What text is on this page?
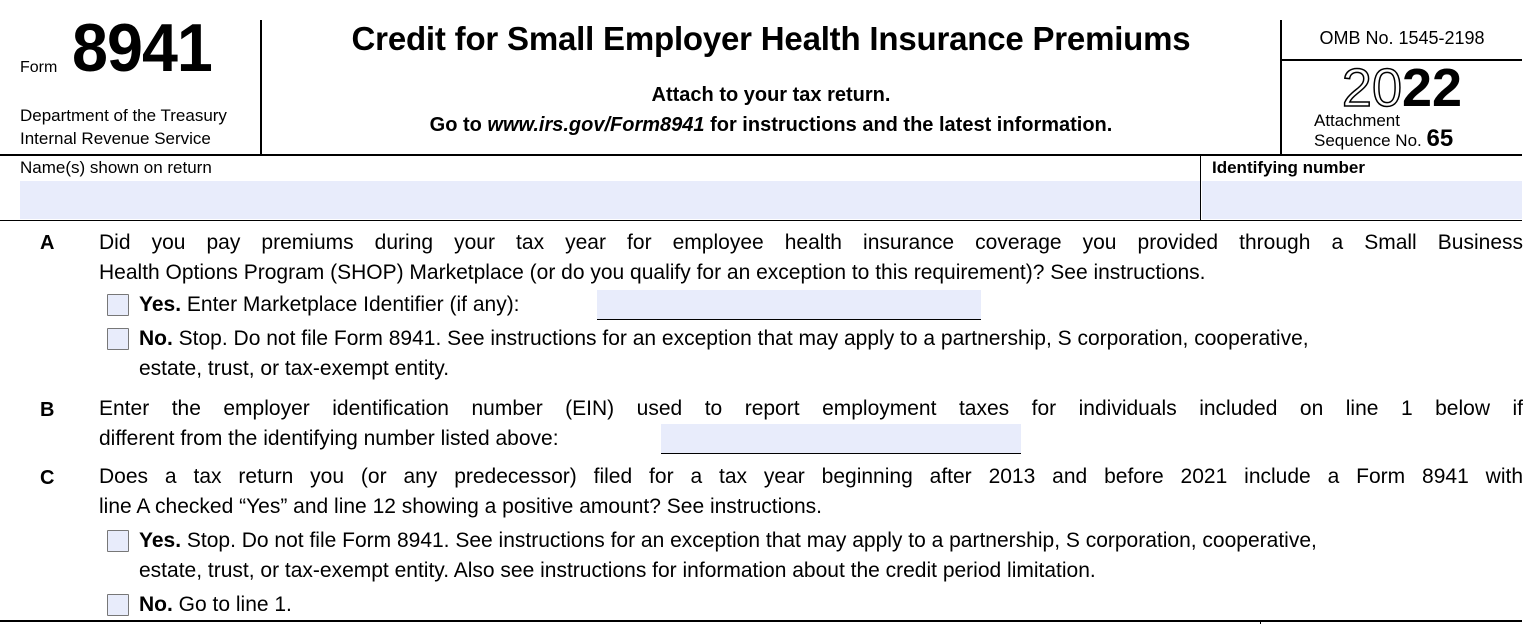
Form 8941
Department of the Treasury
Internal Revenue Service
Credit for Small Employer Health Insurance Premiums
Attach to your tax return.
Go to www.irs.gov/Form8941 for instructions and the latest information.
OMB No. 1545-2198
2022
Attachment
Sequence No. 65
Name(s) shown on return	Identifying number
A Did you pay premiums during your tax year for employee health insurance coverage you provided through a Small Business
Health Options Program (SHOP) Marketplace (or do you qualify for an exception to this requirement)? See instructions.
Yes. Enter Marketplace Identifier (if any):
No. Stop. Do not file Form 8941. See instructions for an exception that may apply to a partnership, S corporation, cooperative,
estate, trust, or tax-exempt entity.
B Enter the employer identification number (EIN) used to report employment taxes for individuals included on line 1 below if
different from the identifying number listed above:
C Does a tax return you (or any predecessor) filed for a tax year beginning after 2013 and before 2021 include a Form 8941 with
line A checked “Yes” and line 12 showing a positive amount? See instructions.
Yes. Stop. Do not file Form 8941. See instructions for an exception that may apply to a partnership, S corporation, cooperative,
estate, trust, or tax-exempt entity. Also see instructions for information about the credit period limitation.
No. Go to line 1.
